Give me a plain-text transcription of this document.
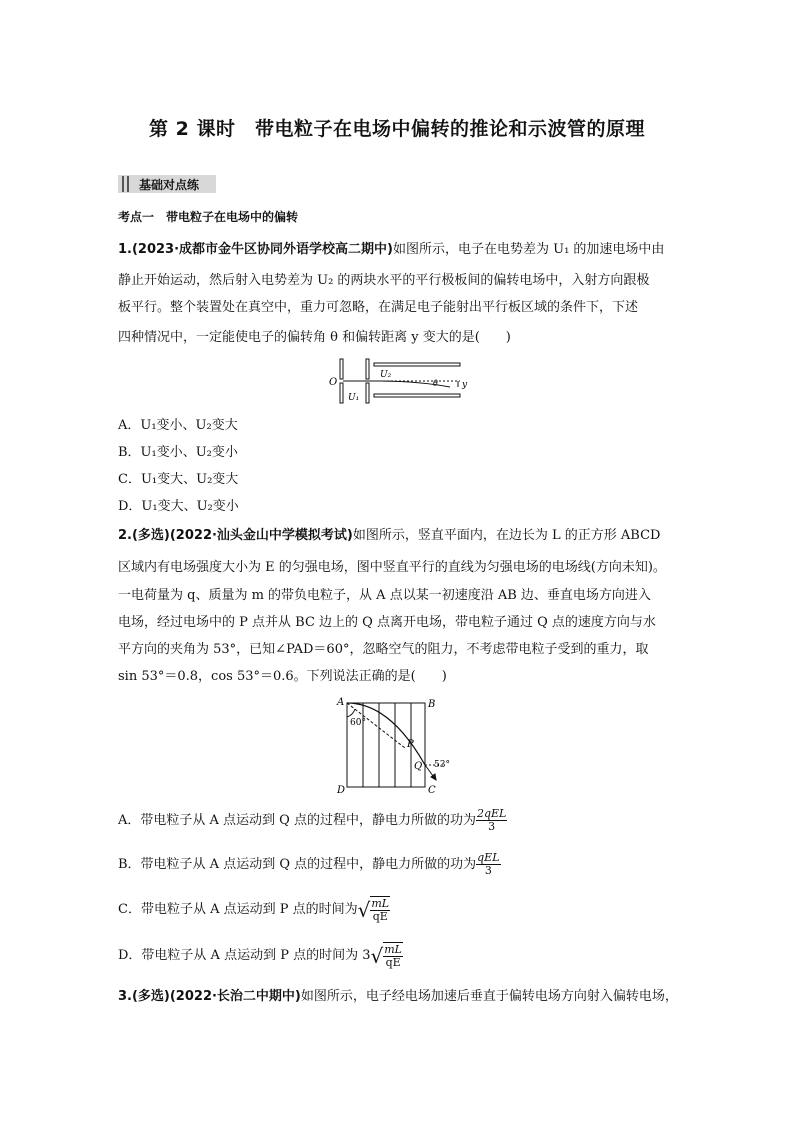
第 2 课时　带电粒子在电场中偏转的推论和示波管的原理
基础对点练
考点一　带电粒子在电场中的偏转
1.(2023·成都市金牛区协同外语学校高二期中)如图所示，电子在电势差为 U₁ 的加速电场中由
静止开始运动，然后射入电势差为 U₂ 的两块水平的平行极板间的偏转电场中，入射方向跟极
板平行。整个装置处在真空中，重力可忽略，在满足电子能射出平行板区域的条件下，下述
四种情况中，一定能使电子的偏转角 θ 和偏转距离 y 变大的是(　　)
O
U₂
U₁
θ	y
A．U₁变小、U₂变大
B．U₁变小、U₂变小
C．U₁变大、U₂变大
D．U₁变大、U₂变小
2.(多选)(2022·汕头金山中学模拟考试)如图所示，竖直平面内，在边长为 L 的正方形 ABCD
区域内有电场强度大小为 E 的匀强电场，图中竖直平行的直线为匀强电场的电场线(方向未知)。
一电荷量为 q、质量为 m 的带负电粒子，从 A 点以某一初速度沿 AB 边、垂直电场方向进入
电场，经过电场中的 P 点并从 BC 边上的 Q 点离开电场，带电粒子通过 Q 点的速度方向与水
平方向的夹角为 53°，已知∠PAD＝60°，忽略空气的阻力，不考虑带电粒子受到的重力，取
sin 53°＝0.8，cos 53°＝0.6。下列说法正确的是(　　)
A	B
C
D
P
Q
60°
53°
A．带电粒子从 A 点运动到 Q 点的过程中，静电力所做的功为 $\frac{\text{2qEL}}{3}$
B．带电粒子从 A 点运动到 Q 点的过程中，静电力所做的功为 $\frac{\text{qEL}}{3}$
C．带电粒子从 A 点运动到 P 点的时间为 √ $\frac{mL}{qE}$
D．带电粒子从 A 点运动到 P 点的时间为 3 √ $\frac{mL}{qE}$
3.(多选)(2022·长治二中期中)如图所示，电子经电场加速后垂直于偏转电场方向射入偏转电场，
